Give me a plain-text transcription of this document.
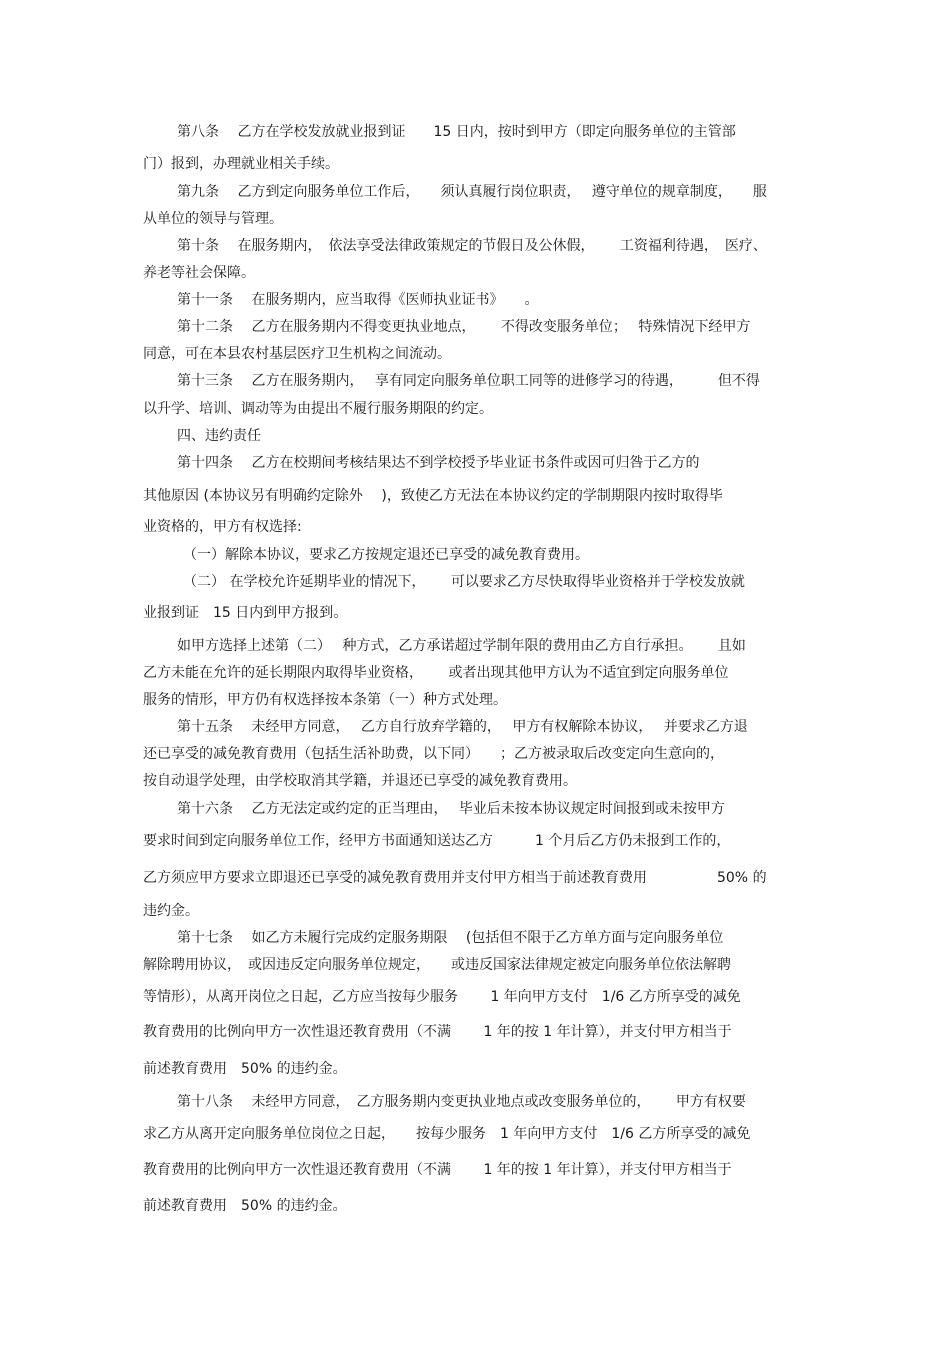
第八条　 乙方在学校发放就业报到证　　15 日内，按时到甲方（即定向服务单位的主管部
门）报到，办理就业相关手续。
第九条　 乙方到定向服务单位工作后，　　须认真履行岗位职责，　 遵守单位的规章制度，　　服
从单位的领导与管理。
第十条　 在服务期内，　依法享受法律政策规定的节假日及公休假，　　 工资福利待遇，　医疗、
养老等社会保障。
第十一条　 在服务期内，应当取得《医师执业证书》　　。
第十二条　 乙方在服务期内不得变更执业地点，　　 不得改变服务单位；　 特殊情况下经甲方
同意，可在本县农村基层医疗卫生机构之间流动。
第十三条　 乙方在服务期内，　 享有同定向服务单位职工同等的进修学习的待遇，　　　但不得
以升学、培训、调动等为由提出不履行服务期限的约定。
四、违约责任
第十四条　 乙方在校期间考核结果达不到学校授予毕业证书条件或因可归咎于乙方的
其他原因 (本协议另有明确约定除外　 )，致使乙方无法在本协议约定的学制期限内按时取得毕
业资格的，甲方有权选择:
（一）解除本协议，要求乙方按规定退还已享受的减免教育费用。
（二） 在学校允许延期毕业的情况下，　　 可以要求乙方尽快取得毕业资格并于学校发放就
业报到证　15 日内到甲方报到。
如甲方选择上述第（二）　 种方式，乙方承诺超过学制年限的费用由乙方自行承担。　　 且如
乙方未能在允许的延长期限内取得毕业资格，　　 或者出现其他甲方认为不适宜到定向服务单位
服务的情形，甲方仍有权选择按本条第（一）种方式处理。
第十五条　 未经甲方同意，　 乙方自行放弃学籍的，　 甲方有权解除本协议，　 并要求乙方退
还已享受的减免教育费用（包括生活补助费，以下同）　　；乙方被录取后改变定向生意向的，
按自动退学处理，由学校取消其学籍，并退还已享受的减免教育费用。
第十六条　 乙方无法定或约定的正当理由，　 毕业后未按本协议规定时间报到或未按甲方
要求时间到定向服务单位工作，经甲方书面通知送达乙方　　　1 个月后乙方仍未报到工作的，
乙方须应甲方要求立即退还已享受的减免教育费用并支付甲方相当于前述教育费用　　　　　50% 的
违约金。
第十七条　 如乙方未履行完成约定服务期限　 (包括但不限于乙方单方面与定向服务单位
解除聘用协议，　或因违反定向服务单位规定，　　或违反国家法律规定被定向服务单位依法解聘
等情形），从离开岗位之日起，乙方应当按每少服务　　 1 年向甲方支付　1/6 乙方所享受的减免
教育费用的比例向甲方一次性退还教育费用（不满　　 1 年的按 1 年计算），并支付甲方相当于
前述教育费用　50% 的违约金。
第十八条　 未经甲方同意，　乙方服务期内变更执业地点或改变服务单位的，　　 甲方有权要
求乙方从离开定向服务单位岗位之日起，　　按每少服务　1 年向甲方支付　1/6 乙方所享受的减免
教育费用的比例向甲方一次性退还教育费用（不满　　 1 年的按 1 年计算），并支付甲方相当于
前述教育费用　50% 的违约金。
